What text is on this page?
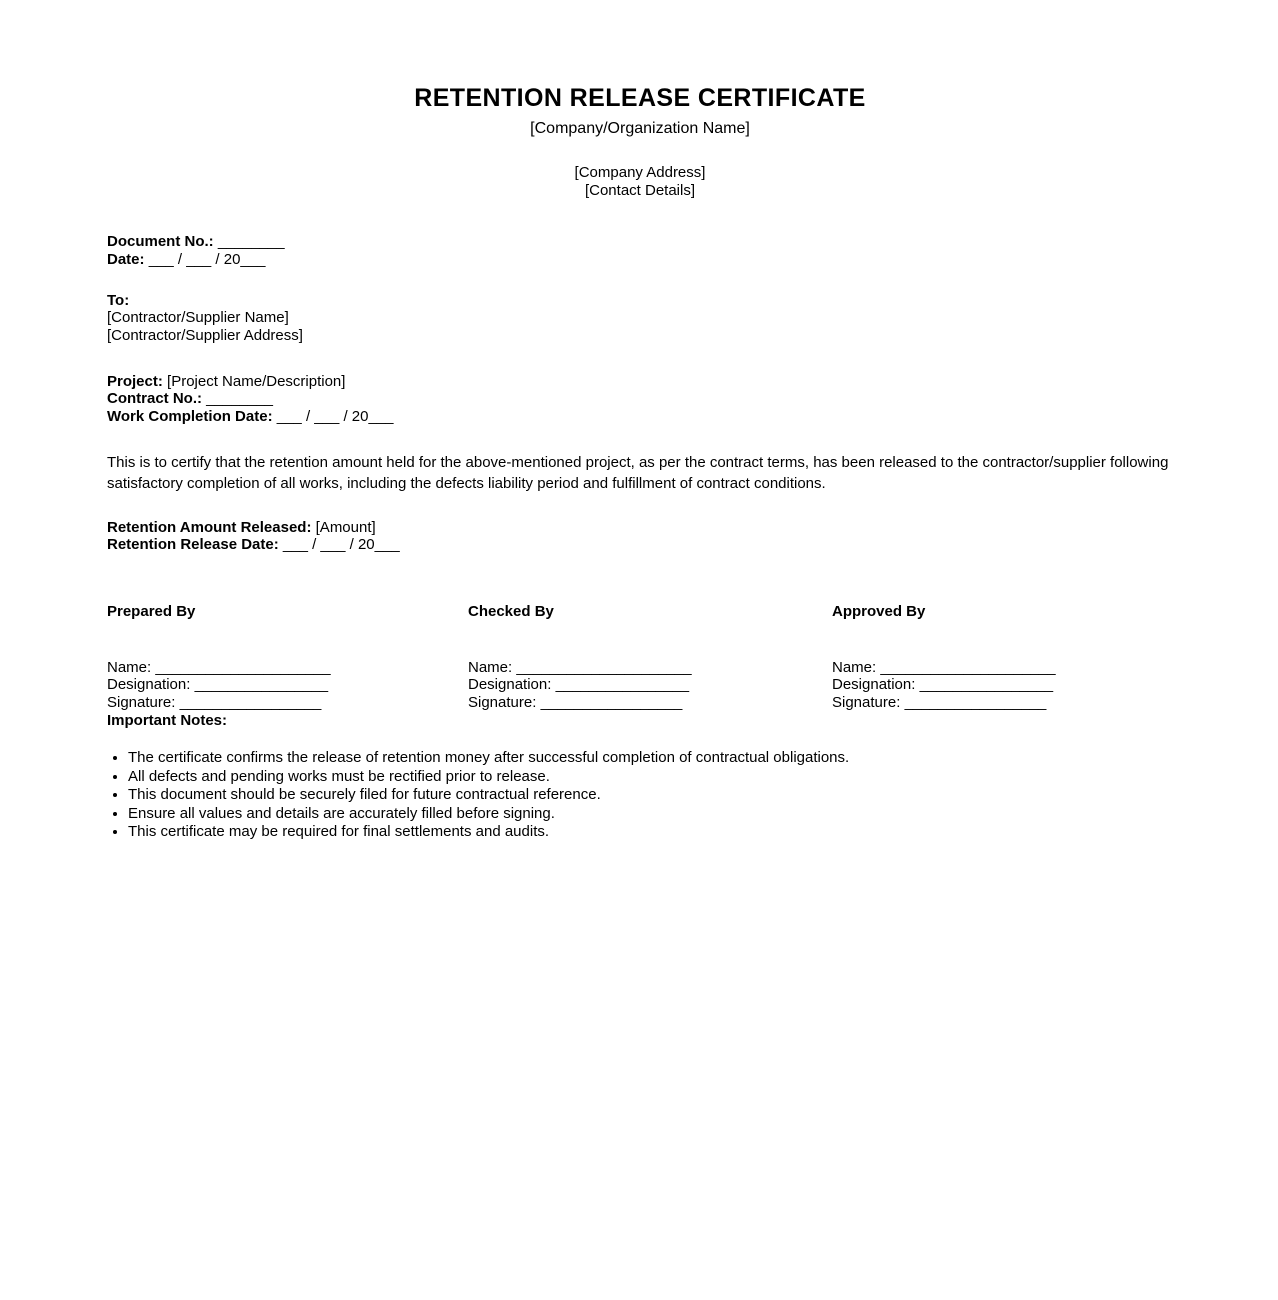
RETENTION RELEASE CERTIFICATE
[Company/Organization Name]
[Company Address]
[Contact Details]
Document No.: ________
Date: ___ / ___ / 20___
To:
[Contractor/Supplier Name]
[Contractor/Supplier Address]
Project: [Project Name/Description]
Contract No.: ________
Work Completion Date: ___ / ___ / 20___

This is to certify that the retention amount held for the above-mentioned project, as per the contract terms, has been released to the contractor/supplier following satisfactory completion of all works, including the defects liability period and fulfillment of contract conditions.

Retention Amount Released: [Amount]
Retention Release Date: ___ / ___ / 20___
Prepared By
Name: _____________________
Designation: ________________
Signature: _________________
Checked By
Name: _____________________
Designation: ________________
Signature: _________________
Approved By
Name: _____________________
Designation: ________________
Signature: _________________
Important Notes:
• The certificate confirms the release of retention money after successful completion of contractual obligations.
• All defects and pending works must be rectified prior to release.
• This document should be securely filed for future contractual reference.
• Ensure all values and details are accurately filled before signing.
• This certificate may be required for final settlements and audits.
